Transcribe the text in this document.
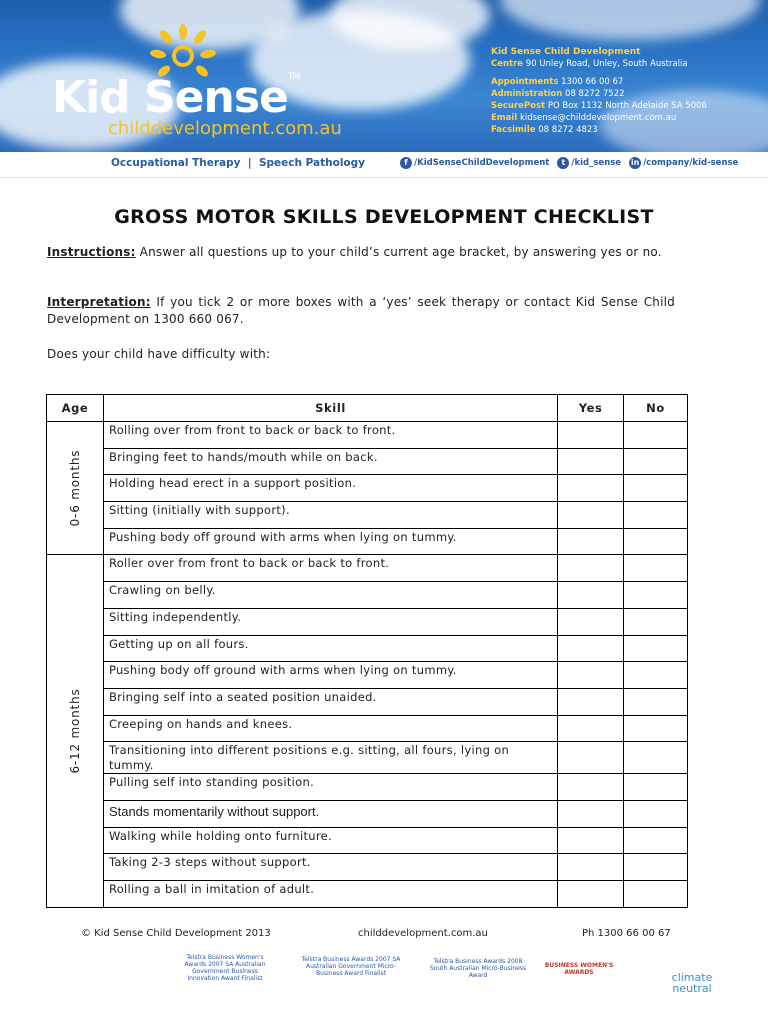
Kid Sense™
childdevelopment.com.au
Kid Sense Child Development
Centre 90 Unley Road, Unley, South Australia
Appointments 1300 66 00 67
Administration 08 8272 7522
SecurePost PO Box 1132 North Adelaide SA 5006
Email kidsense@childdevelopment.com.au
Facsimile 08 8272 4823
Occupational Therapy  |  Speech Pathology	f /KidSenseChildDevelopment	t /kid_sense in /company/kid-sense
GROSS MOTOR SKILLS DEVELOPMENT CHECKLIST
Instructions: Answer all questions up to your child’s current age bracket, by answering yes or no.
Interpretation: If you tick 2 or more boxes with a ‘yes’ seek therapy or contact Kid Sense Child Development on 1300 660 067.
Does your child have difficulty with:
Age	Skill	Yes	No

0-6 months	Rolling over from front to back or back to front.		
	Bringing feet to hands/mouth while on back.		
	Holding head erect in a support position.		
	Sitting (initially with support).		
	Pushing body off ground with arms when lying on tummy.		

6-12 months	Roller over from front to back or back to front.		
	Crawling on belly.		
	Sitting independently.		
	Getting up on all fours.		
	Pushing body off ground with arms when lying on tummy.		
	Bringing self into a seated position unaided.		
	Creeping on hands and knees.		
	Transitioning into different positions e.g. sitting, all fours, lying on tummy.		
	Pulling self into standing position.		
	Stands momentarily without support.		
	Walking while holding onto furniture.		
	Taking 2-3 steps without support.		
	Rolling a ball in imitation of adult.		
© Kid Sense Child Development 2013	childdevelopment.com.au	Ph 1300 66 00 67
Telstra Business Women's Awards 2007 SA Australian Government Business Innovation Award Finalist
Telstra Business Awards 2007 SA Australian Government Micro-Business Award Finalist
Telstra Business Awards 2008 South Australian Micro-Business Award
BUSINESS WOMEN'S AWARDS	climate neutral
